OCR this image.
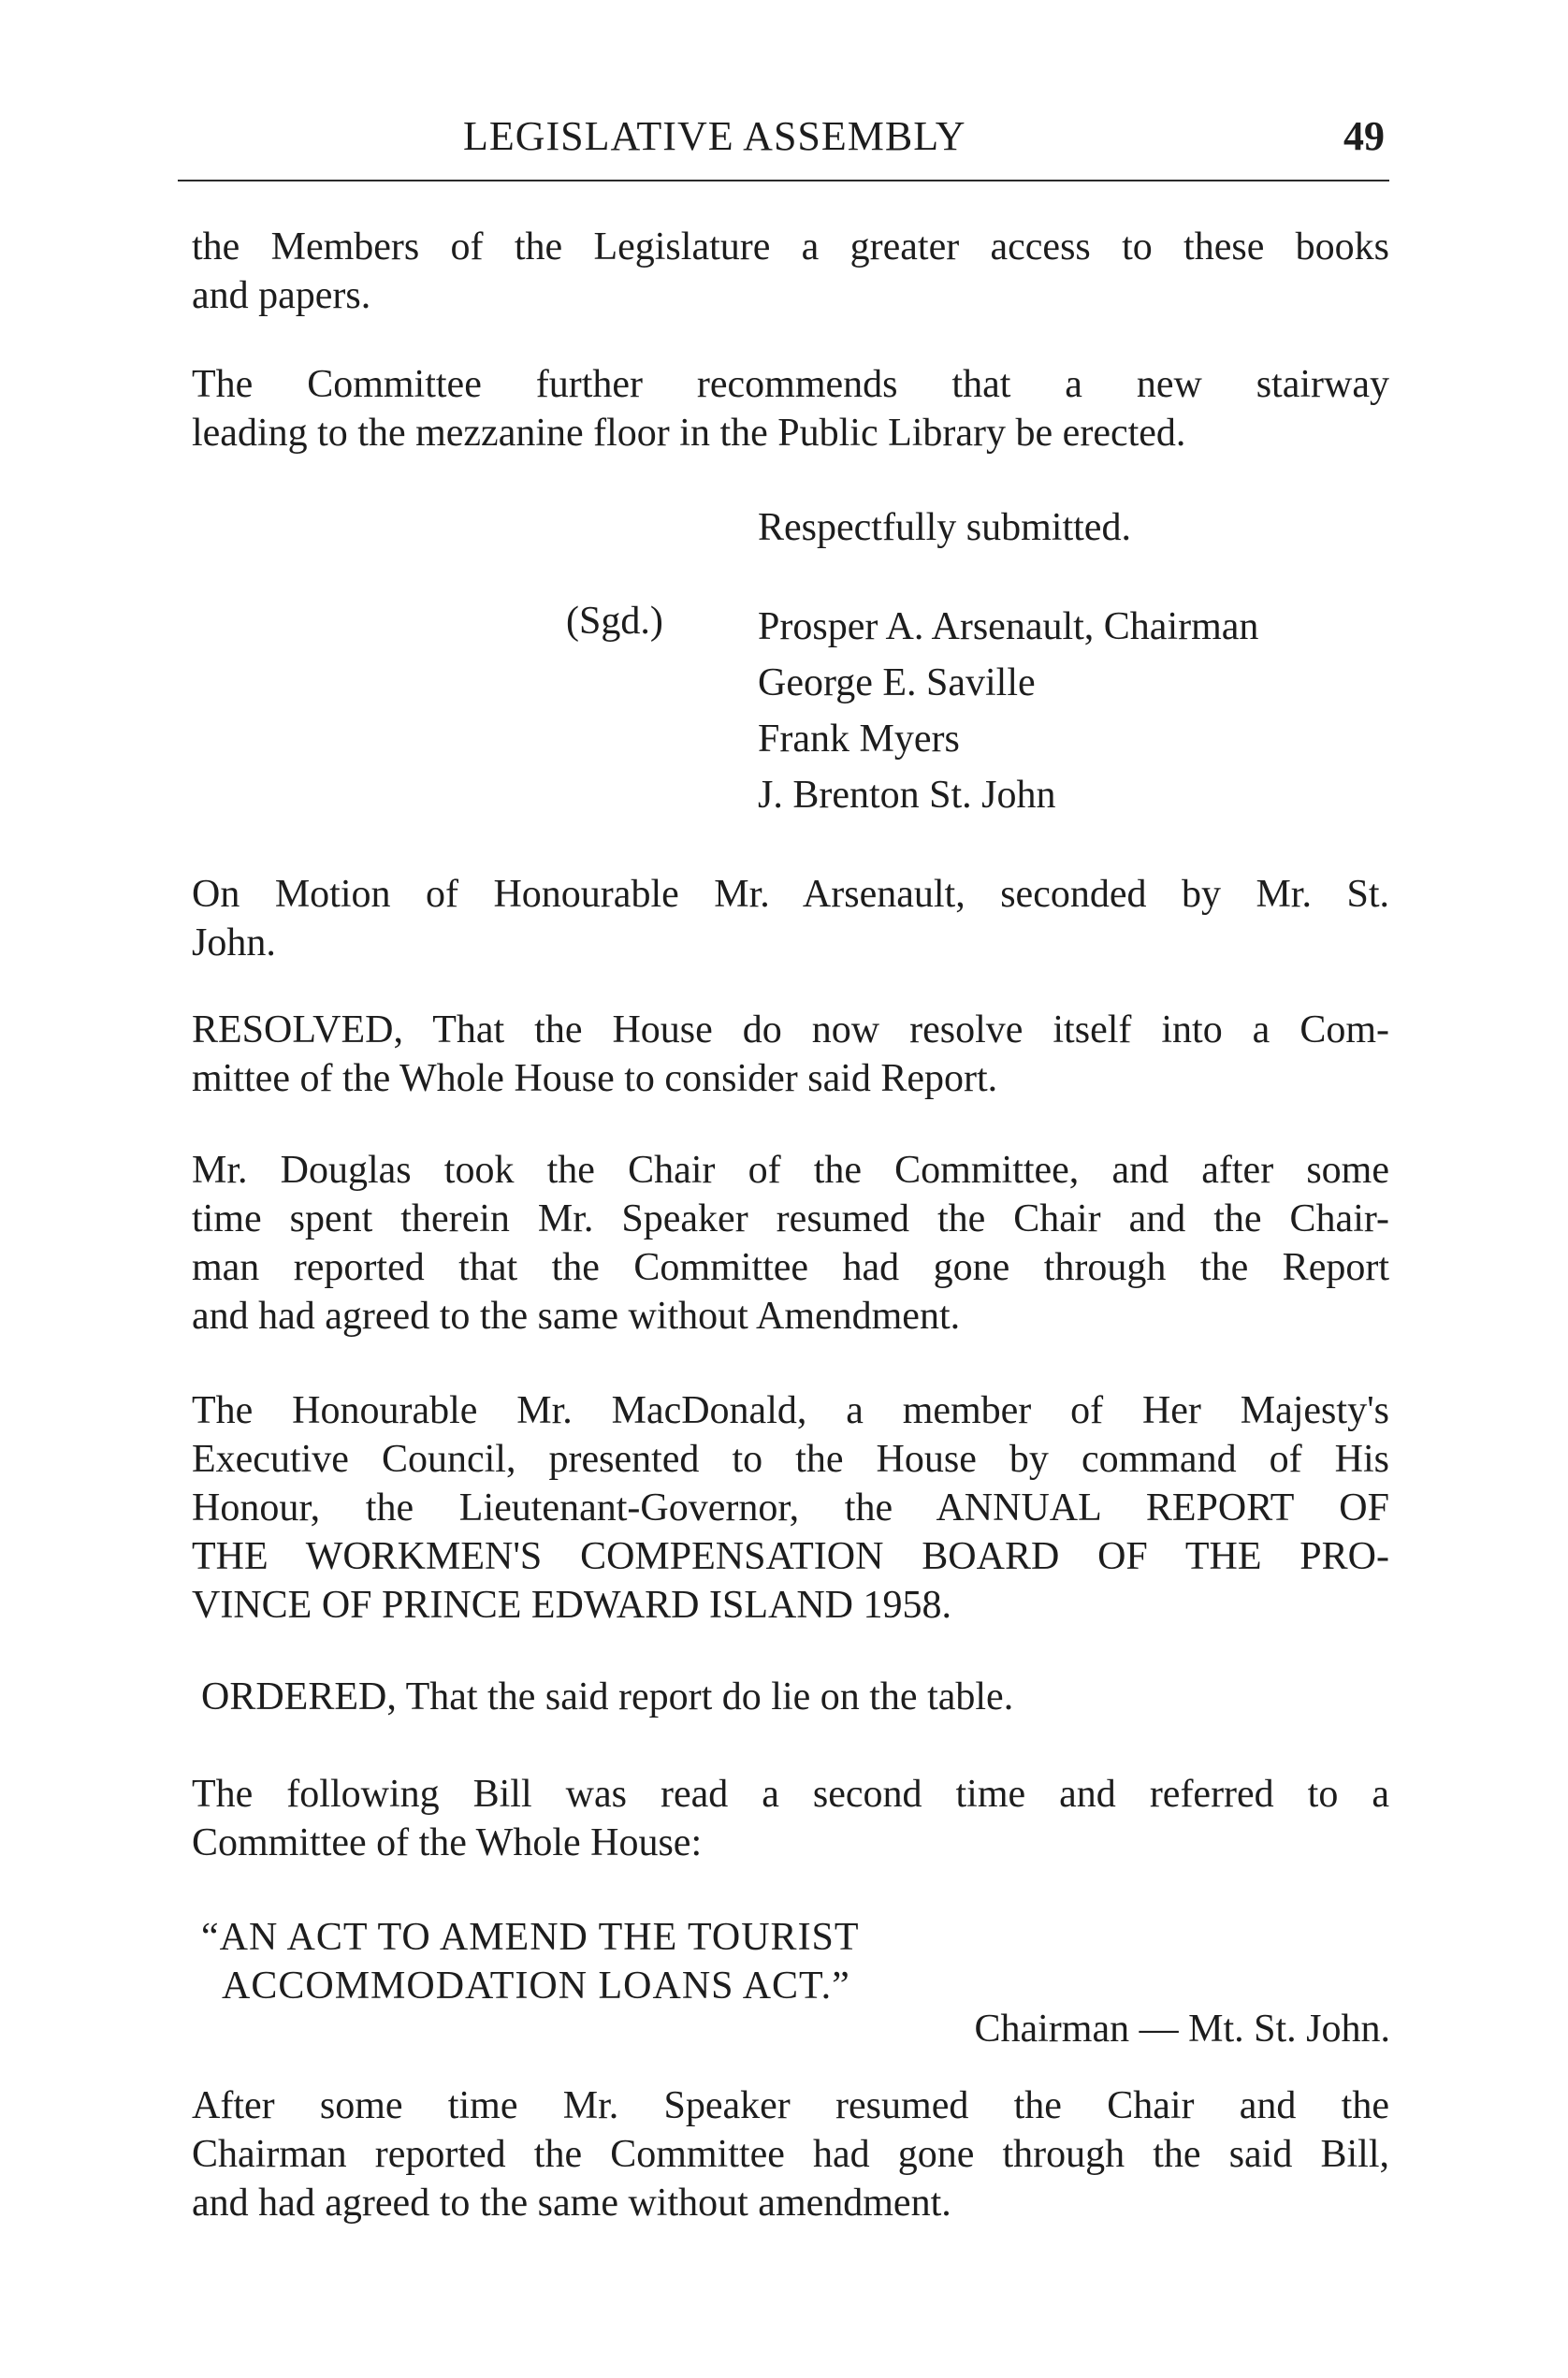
LEGISLATIVE ASSEMBLY	49
the Members of the Legislature a greater access to these books
and papers.
The Committee further recommends that a new stairway
leading to the mezzanine floor in the Public Library be erected.
Respectfully submitted.
(Sgd.) Prosper A. Arsenault, Chairman
George E. Saville
Frank Myers
J. Brenton St. John
On Motion of Honourable Mr. Arsenault, seconded by Mr. St.
John.
RESOLVED, That the House do now resolve itself into a Com-
mittee of the Whole House to consider said Report.
Mr. Douglas took the Chair of the Committee, and after some
time spent therein Mr. Speaker resumed the Chair and the Chair-
man reported that the Committee had gone through the Report
and had agreed to the same without Amendment.
The Honourable Mr. MacDonald, a member of Her Majesty's
Executive Council, presented to the House by command of His
Honour, the Lieutenant-Governor, the ANNUAL REPORT OF
THE WORKMEN'S COMPENSATION BOARD OF THE PRO-
VINCE OF PRINCE EDWARD ISLAND 1958.
ORDERED, That the said report do lie on the table.
The following Bill was read a second time and referred to a
Committee of the Whole House:
“AN ACT TO AMEND THE TOURIST
ACCOMMODATION LOANS ACT.”
Chairman — Mt. St. John.
After some time Mr. Speaker resumed the Chair and the
Chairman reported the Committee had gone through the said Bill,
and had agreed to the same without amendment.
